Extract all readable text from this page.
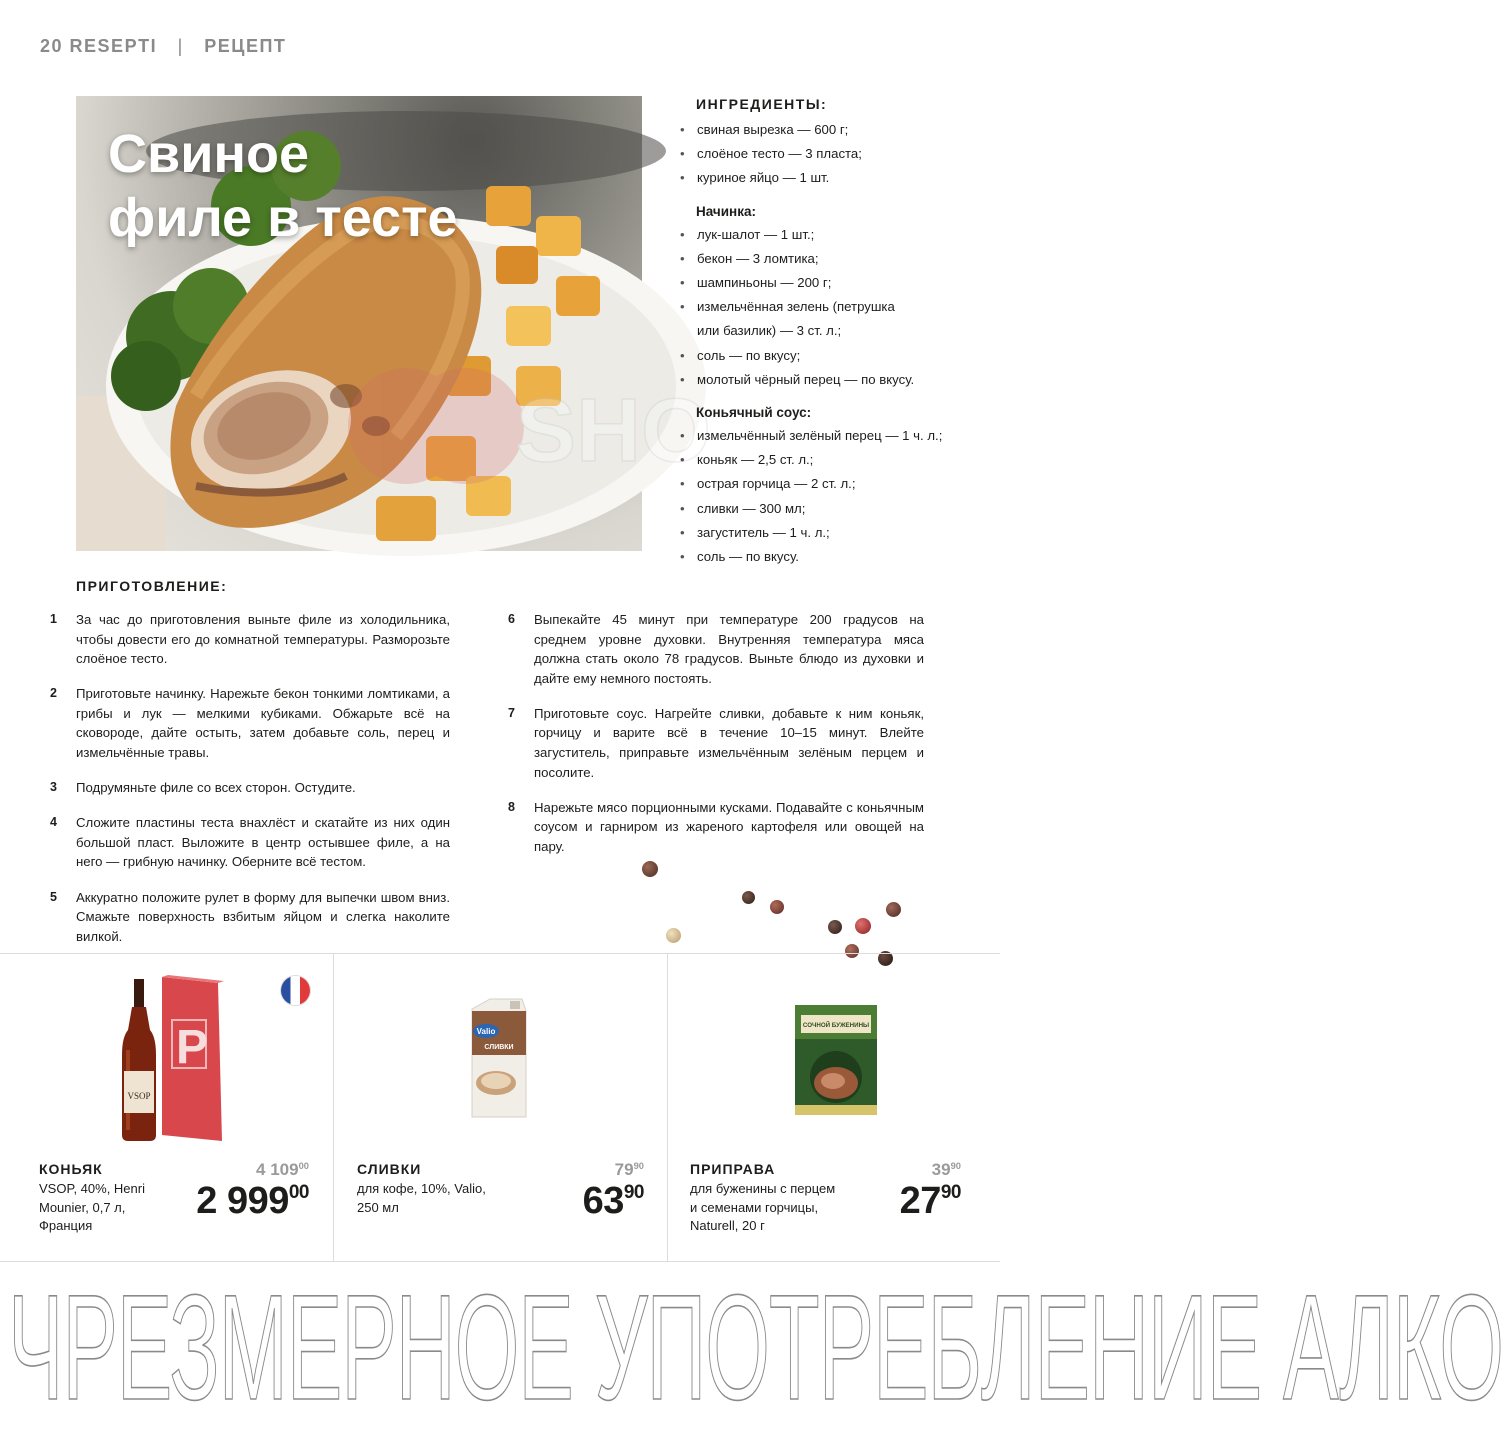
20 RESEPTI | РЕЦЕПТ
SHO
Свиное
филе в тесте
ИНГРЕДИЕНТЫ:
• свиная вырезка — 600 г;
• слоёное тесто — 3 пласта;
• куриное яйцо — 1 шт.
Начинка:
• лук-шалот — 1 шт.;
• бекон — 3 ломтика;
• шампиньоны — 200 г;
• измельчённая зелень (петрушка
или базилик) — 3 ст. л.;
• соль — по вкусу;
• молотый чёрный перец — по вкусу.
Коньячный соус:
• измельчённый зелёный перец — 1 ч. л.;
• коньяк — 2,5 ст. л.;
• острая горчица — 2 ст. л.;
• сливки — 300 мл;
• загуститель — 1 ч. л.;
• соль — по вкусу.
ПРИГОТОВЛЕНИЕ:
1 За час до приготовления выньте филе из холодильника, чтобы довести его до комнатной температуры. Разморозьте слоёное тесто.
2 Приготовьте начинку. Нарежьте бекон тонкими ломтиками, а грибы и лук — мелкими кубиками. Обжарьте всё на сковороде, дайте остыть, затем добавьте соль, перец и измельчённые травы.
3 Подрумяньте филе со всех сторон. Остудите.
4 Сложите пластины теста внахлёст и скатайте из них один большой пласт. Выложите в центр остывшее филе, а на него — грибную начинку. Оберните всё тестом.
5 Аккуратно положите рулет в форму для выпечки швом вниз. Смажьте поверхность взбитым яйцом и слегка наколите вилкой.
6 Выпекайте 45 минут при температуре 200 градусов на среднем уровне духовки. Внутренняя температура мяса должна стать около 78 градусов. Выньте блюдо из духовки и дайте ему немного постоять.
7 Приготовьте соус. Нагрейте сливки, добавьте к ним коньяк, горчицу и варите всё в течение 10–15 минут. Влейте загуститель, приправьте измельчённым зелёным перцем и посолите.
8 Нарежьте мясо порционными кусками. Подавайте с коньячным соусом и гарниром из жареного картофеля или овощей на пару.
P
VSOP
КОНЬЯК
VSOP, 40%, Henri
Mounier, 0,7 л,
Франция
4 $109^{00}$
2 $999^{00}$
Valio
СЛИВКИ
СЛИВКИ
для кофе, 10%, Valio,
250 мл
$79^{90}$
$63^{90}$
СОЧНОЙ БУЖЕНИНЫ
ПРИПРАВА
для буженины с перцем
и семенами горчицы,
Naturell, 20 г
$39^{90}$
$27^{90}$
ЧРЕЗМЕРНОЕ УПОТРЕБЛЕНИЕ АЛКО
